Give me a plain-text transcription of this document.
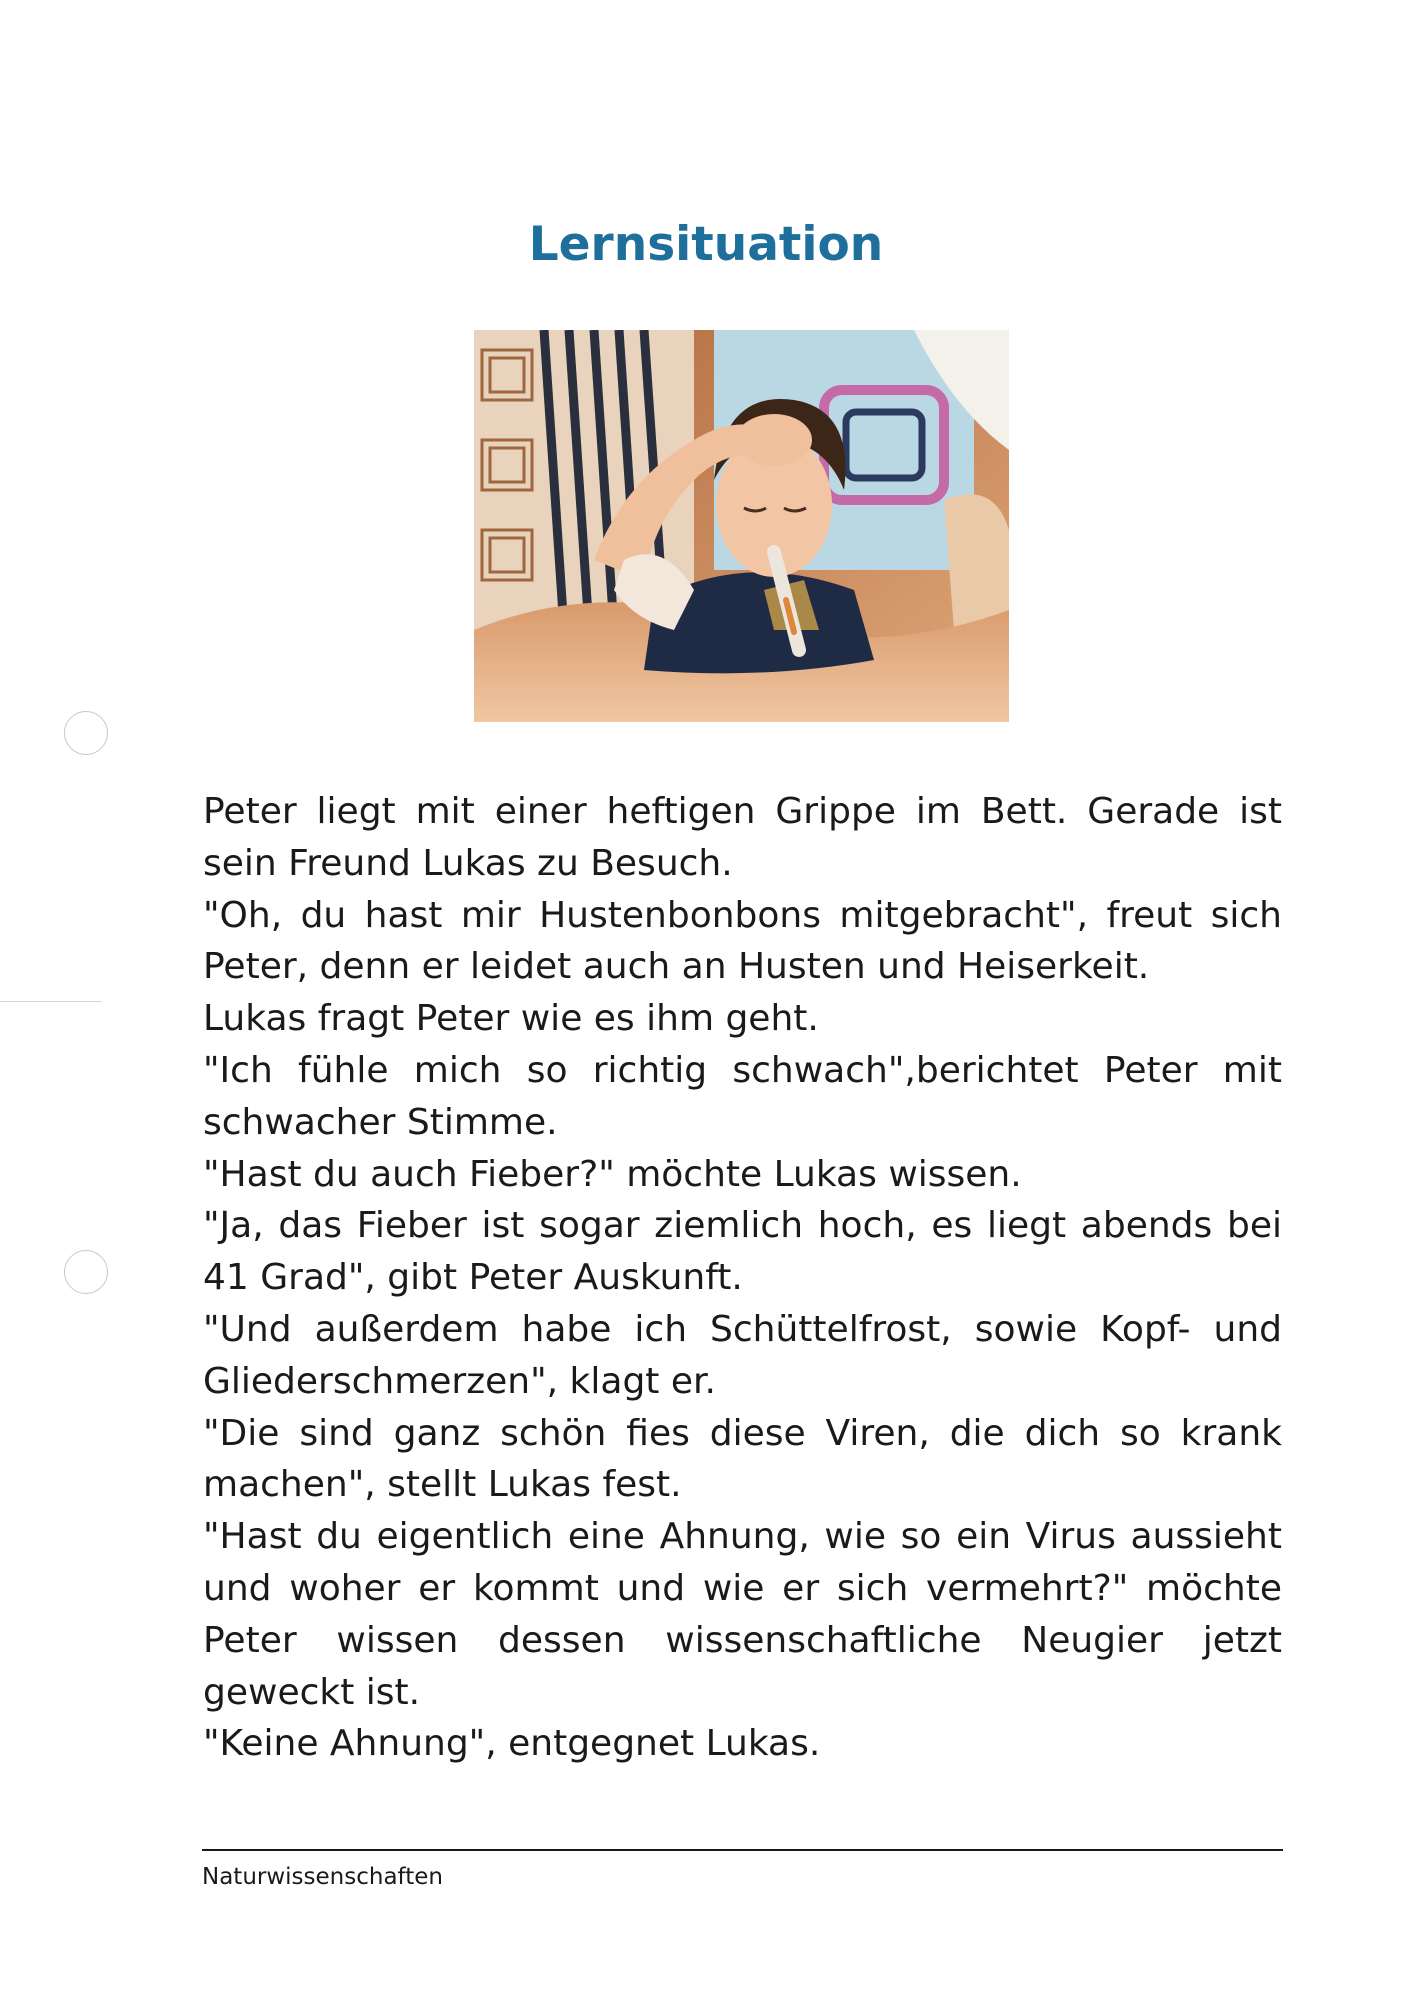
Lernsituation

Peter liegt mit einer heftigen Grippe im Bett. Gerade ist sein Freund Lukas zu Besuch.

"Oh, du hast mir Hustenbonbons mitgebracht", freut sich Peter, denn er leidet auch an Husten und Heiserkeit.

Lukas fragt Peter wie es ihm geht.

"Ich fühle mich so richtig schwach",berichtet Peter mit schwacher Stimme.

"Hast du auch Fieber?" möchte Lukas wissen.

"Ja, das Fieber ist sogar ziemlich hoch, es liegt abends bei 41 Grad", gibt Peter Auskunft.

"Und außerdem habe ich Schüttelfrost, sowie Kopf- und Gliederschmerzen", klagt er.

"Die sind ganz schön fies diese Viren, die dich so krank machen", stellt Lukas fest.

"Hast du eigentlich eine Ahnung, wie so ein Virus aussieht und woher er kommt und wie er sich vermehrt?" möchte Peter wissen dessen wissenschaftliche Neugier jetzt geweckt ist.

"Keine Ahnung", entgegnet Lukas.

Naturwissenschaften
